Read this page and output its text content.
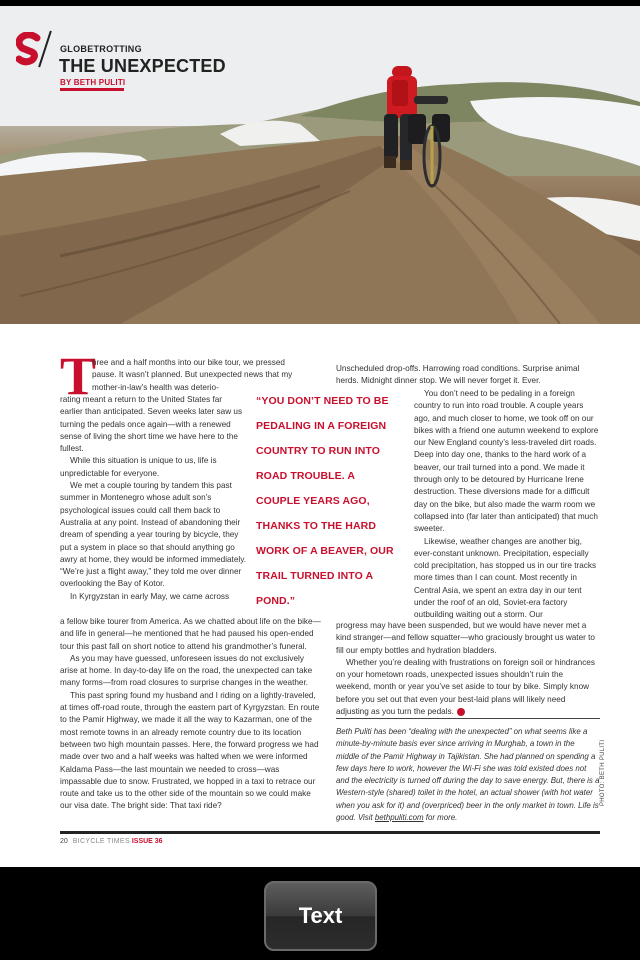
GLOBETROTTING
THE UNEXPECTED
BY BETH PULITI
T
hree and a half months into our bike tour, we pressed
pause. It wasn’t planned. But unexpected news that my
mother-in-law’s health was deterio-

rating meant a return to the United States far earlier than anticipated. Seven weeks later saw us turning the pedals once again—with a renewed sense of living the short time we have here to the fullest.

While this situation is unique to us, life is unpredictable for everyone.

We met a couple touring by tandem this past summer in Montenegro whose adult son’s psychological issues could call them back to Australia at any point. Instead of abandoning their dream of spending a year touring by bicycle, they put a system in place so that should anything go awry at home, they would be informed immediately. “We’re just a flight away,” they told me over dinner overlooking the Bay of Kotor.

In Kyrgyzstan in early May, we came across

a fellow bike tourer from America. As we chatted about life on the bike—and life in general—he mentioned that he had paused his open-ended tour this past fall on short notice to attend his grandmother’s funeral.

As you may have guessed, unforeseen issues do not exclusively arise at home. In day-to-day life on the road, the unexpected can take many forms—from road closures to surprise changes in the weather.

This past spring found my husband and I riding on a lightly-traveled, at times off-road route, through the eastern part of Kyrgyzstan. En route to the Pamir Highway, we made it all the way to Kazarman, one of the most remote towns in an already remote country due to its location between two high mountain passes. Here, the forward progress we had made over two and a half weeks was halted when we were informed Kaldama Pass—the last mountain we needed to cross—was impassable due to snow. Frustrated, we hopped in a taxi to retrace our route and take us to the other side of the mountain so we could make our visa date. The bright side: That taxi ride?

“YOU DON’T NEED TO BE PEDALING IN A FOREIGN COUNTRY TO RUN INTO ROAD TROUBLE. A COUPLE YEARS AGO, THANKS TO THE HARD WORK OF A BEAVER, OUR TRAIL TURNED INTO A POND.”

Unscheduled drop-offs. Harrowing road conditions. Surprise animal herds. Midnight dinner stop. We will never forget it. Ever.

You don’t need to be pedaling in a foreign country to run into road trouble. A couple years ago, and much closer to home, we took off on our bikes with a friend one autumn weekend to explore our New England county’s less-traveled dirt roads. Deep into day one, thanks to the hard work of a beaver, our trail turned into a pond. We made it through only to be detoured by Hurricane Irene destruction. These diversions made for a difficult day on the bike, but also made the warm room we collapsed into (far later than anticipated) that much sweeter.

Likewise, weather changes are another big, ever-constant unknown. Precipitation, especially cold precipitation, has stopped us in our tire tracks more times than I can count. Most recently in Central Asia, we spent an extra day in our tent under the roof of an old, Soviet-era factory outbuilding waiting out a storm. Our

progress may have been suspended, but we would have never met a kind stranger—and fellow squatter—who graciously brought us water to fill our empty bottles and hydration bladders.

Whether you’re dealing with frustrations on foreign soil or hindrances on your hometown roads, unexpected issues shouldn’t ruin the weekend, month or year you’ve set aside to tour by bike. Simply know before you set out that even your best-laid plans will likely need adjusting as you turn the pedals.

Beth Puliti has been “dealing with the unexpected” on what seems like a minute-by-minute basis ever since arriving in Murghab, a town in the middle of the Pamir Highway in Tajikistan. She had planned on spending a few days here to work, however the Wi-Fi she was told existed does not and the electricity is turned off during the day to save energy. But, there is a Western-style (shared) toilet in the hotel, an actual shower (with hot water when you ask for it) and (overpriced) beer in the only market in town. Life is good. Visit bethpuliti.com for more.
PHOTO: BETH PULITI
20 BICYCLE TIMES ISSUE 36
Text
